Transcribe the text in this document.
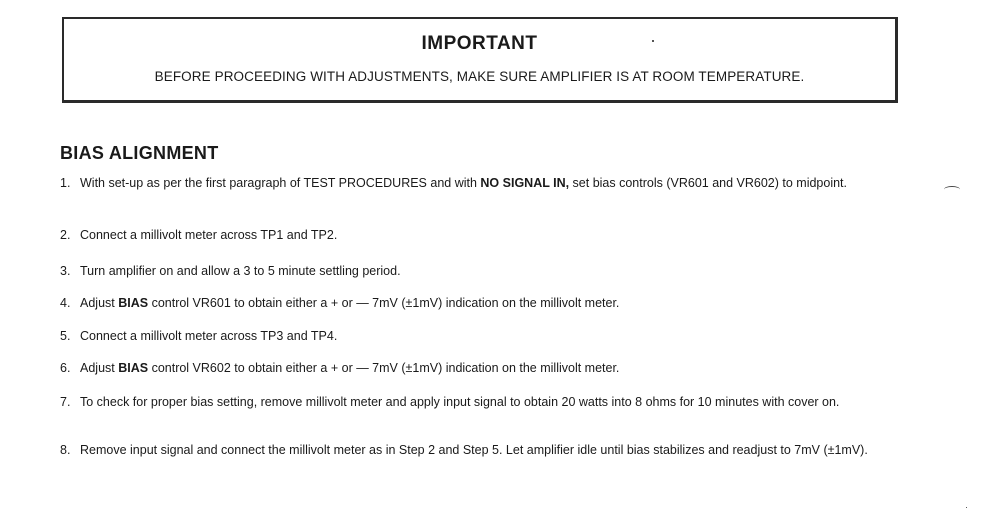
IMPORTANT
BEFORE PROCEEDING WITH ADJUSTMENTS, MAKE SURE AMPLIFIER IS AT ROOM TEMPERATURE.
BIAS ALIGNMENT
1. With set-up as per the first paragraph of TEST PROCEDURES and with NO SIGNAL IN, set bias controls (VR601 and VR602) to midpoint.
2. Connect a millivolt meter across TP1 and TP2.
3. Turn amplifier on and allow a 3 to 5 minute settling period.
4. Adjust BIAS control VR601 to obtain either a + or — 7mV (±1mV) indication on the millivolt meter.
5. Connect a millivolt meter across TP3 and TP4.
6. Adjust BIAS control VR602 to obtain either a + or — 7mV (±1mV) indication on the millivolt meter.
7. To check for proper bias setting, remove millivolt meter and apply input signal to obtain 20 watts into 8 ohms for 10 minutes with cover on.
8. Remove input signal and connect the millivolt meter as in Step 2 and Step 5. Let amplifier idle until bias stabilizes and readjust to 7mV (±1mV).
